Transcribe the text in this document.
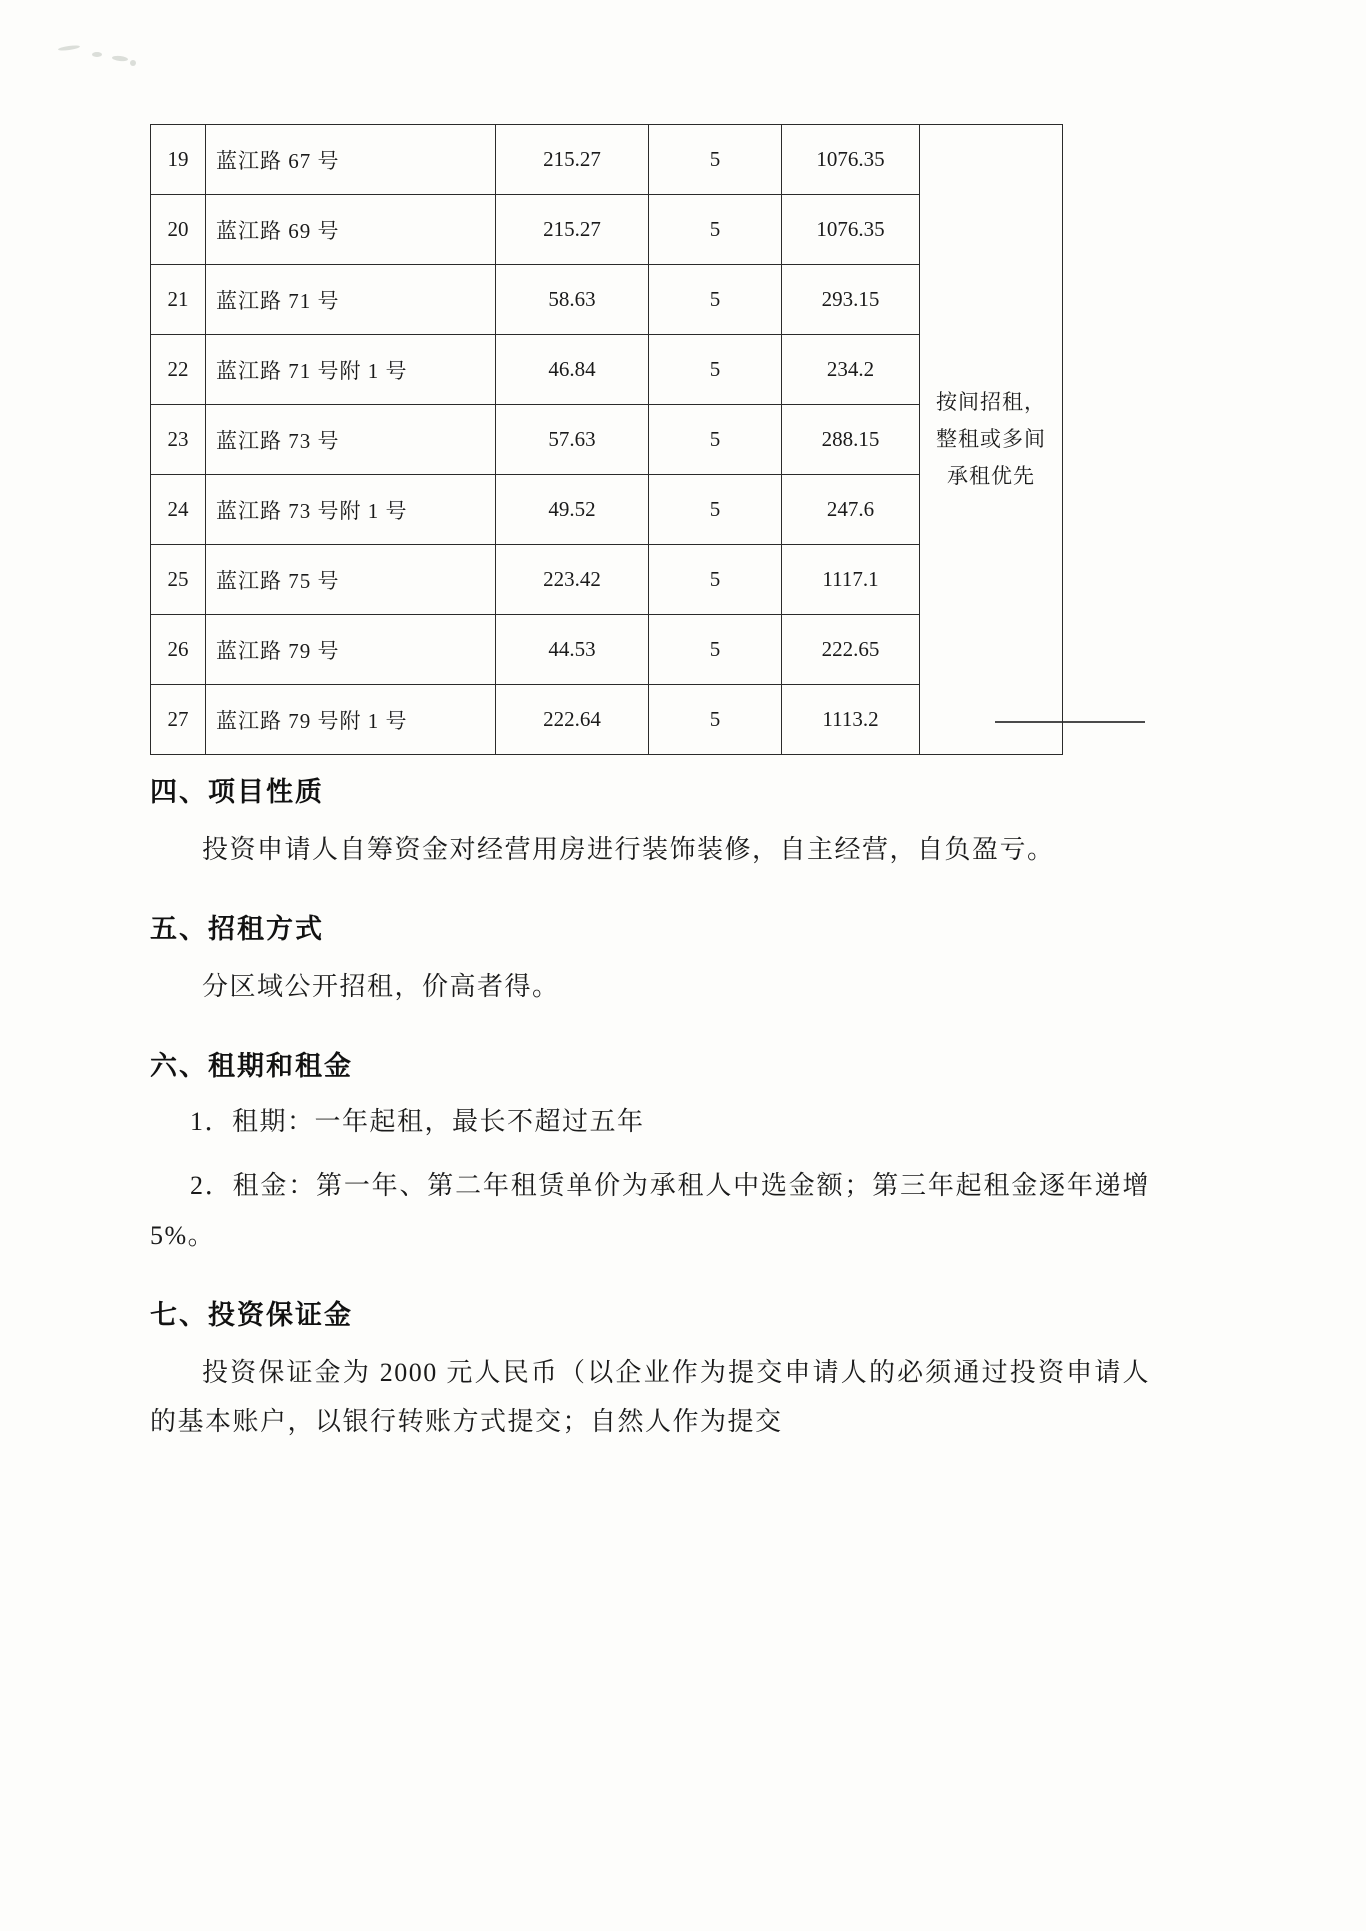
19	蓝江路 67 号	215.27	5	1076.35	按间招租，
整租或多间
承租优先

20	蓝江路 69 号	215.27	5	1076.35	
21	蓝江路 71 号	58.63	5	293.15	
22	蓝江路 71 号附 1 号	46.84	5	234.2	
23	蓝江路 73 号	57.63	5	288.15	
24	蓝江路 73 号附 1 号	49.52	5	247.6	
25	蓝江路 75 号	223.42	5	1117.1	
26	蓝江路 79 号	44.53	5	222.65	
27	蓝江路 79 号附 1 号	222.64	5	1113.2	
四、项目性质

投资申请人自筹资金对经营用房进行装饰装修，自主经营，自负盈亏。

五、招租方式

分区域公开招租，价高者得。

六、租期和租金

1．租期：一年起租，最长不超过五年

2．租金：第一年、第二年租赁单价为承租人中选金额；第三年起租金逐年递增5%。

七、投资保证金

投资保证金为 2000 元人民币（以企业作为提交申请人的必须通过投资申请人的基本账户，以银行转账方式提交；自然人作为提交
